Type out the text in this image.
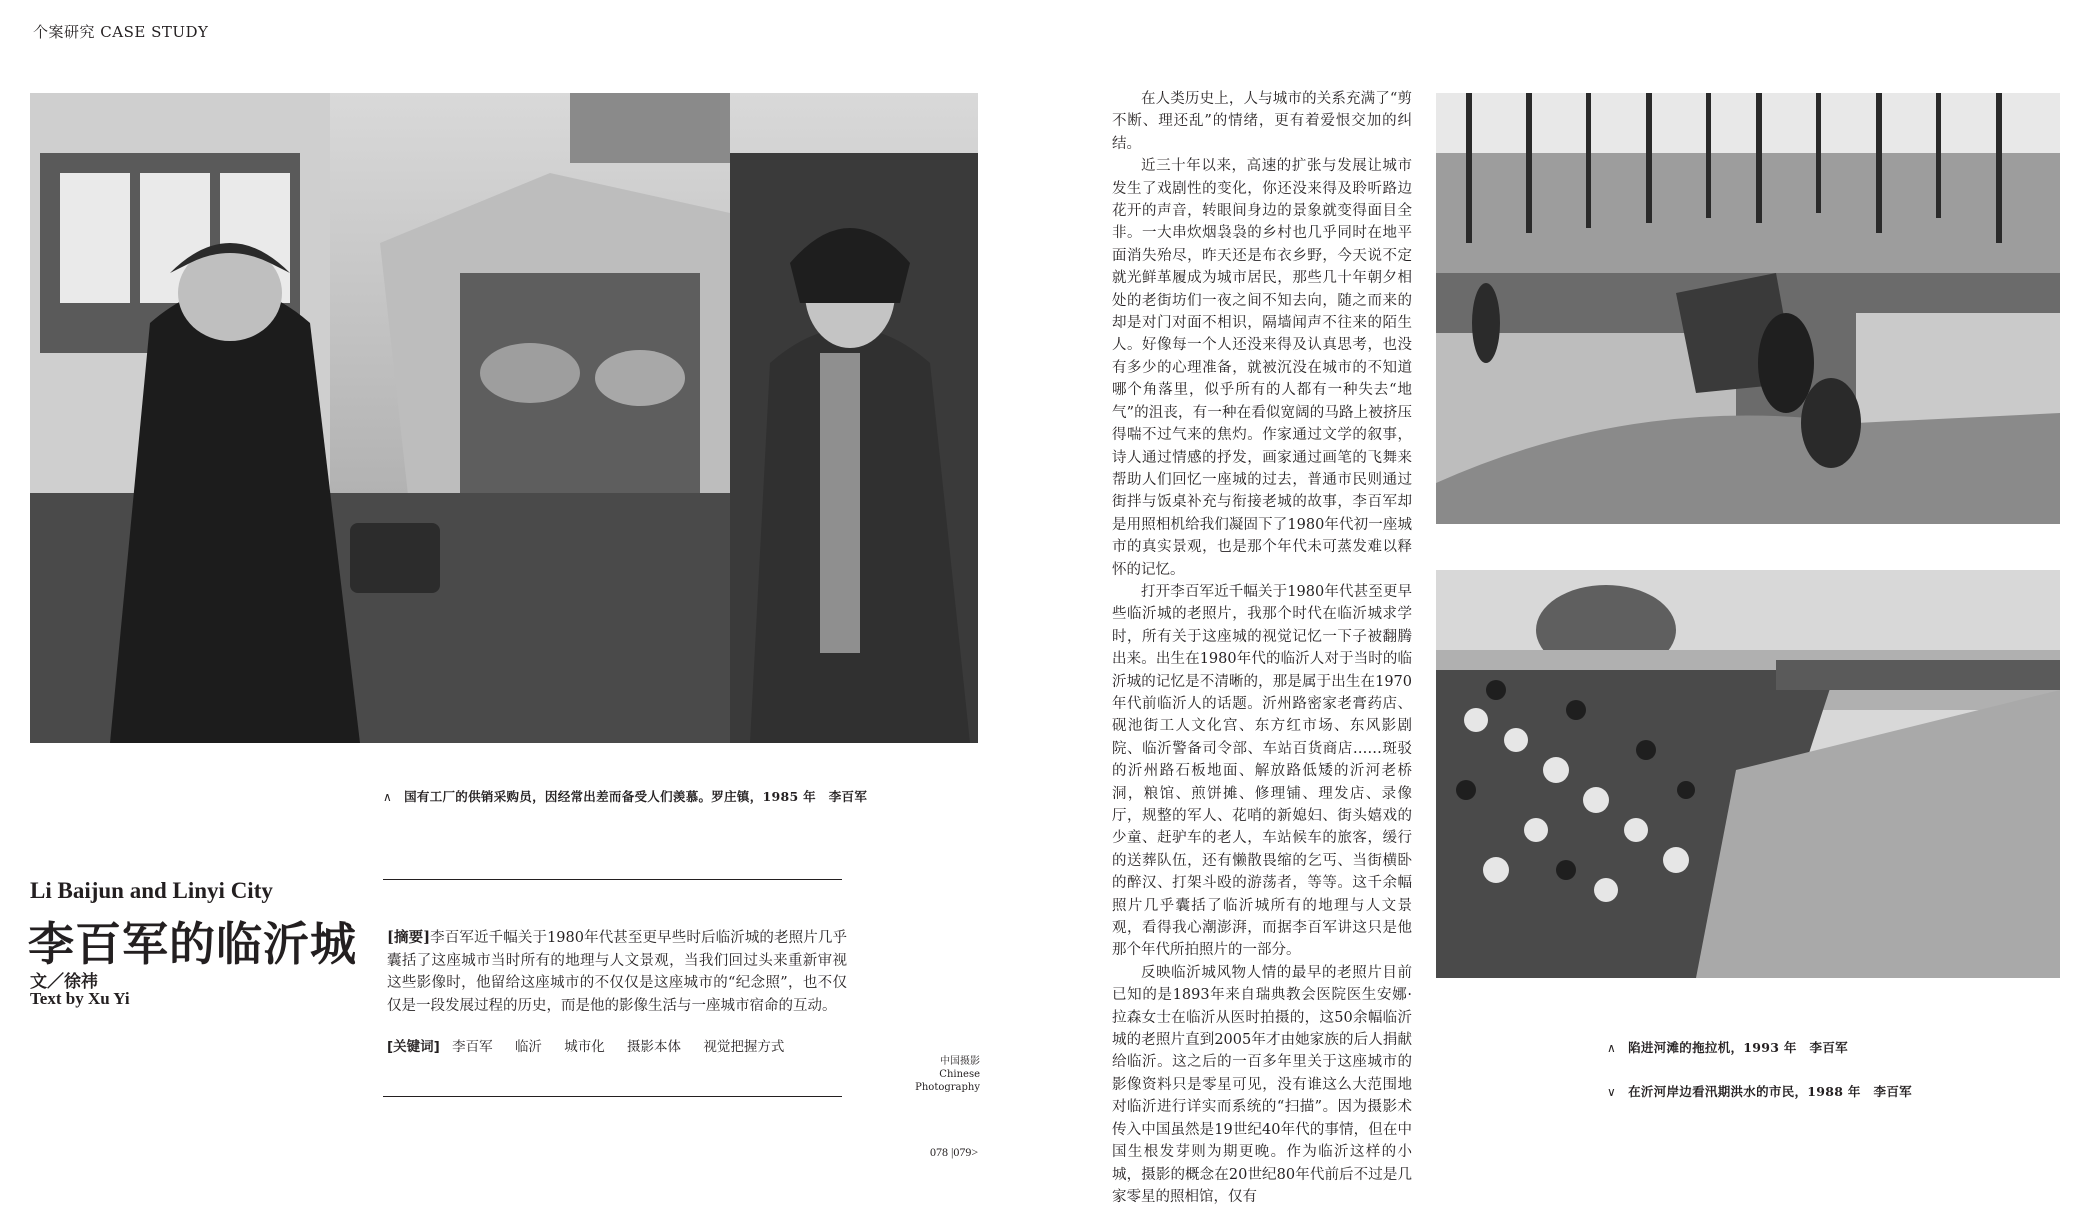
个案研究 CASE STUDY
∧ 国有工厂的供销采购员，因经常出差而备受人们羡慕。罗庄镇，1985 年　李百军
Li Baijun and Linyi City
李百军的临沂城
文／徐祎
Text by Xu Yi
[摘要]李百军近千幅关于1980年代甚至更早些时后临沂城的老照片几乎囊括了这座城市当时所有的地理与人文景观，当我们回过头来重新审视这些影像时，他留给这座城市的不仅仅是这座城市的“纪念照”，也不仅仅是一段发展过程的历史，而是他的影像生活与一座城市宿命的互动。
[关键词] 李百军 临沂 城市化 摄影本体 视觉把握方式
中国摄影
Chinese
Photography
078 |079>

在人类历史上，人与城市的关系充满了“剪不断、理还乱”的情绪，更有着爱恨交加的纠结。

近三十年以来，高速的扩张与发展让城市发生了戏剧性的变化，你还没来得及聆听路边花开的声音，转眼间身边的景象就变得面目全非。一大串炊烟袅袅的乡村也几乎同时在地平面消失殆尽，昨天还是布衣乡野，今天说不定就光鲜革履成为城市居民，那些几十年朝夕相处的老街坊们一夜之间不知去向，随之而来的却是对门对面不相识，隔墙闻声不往来的陌生人。好像每一个人还没来得及认真思考，也没有多少的心理准备，就被沉没在城市的不知道哪个角落里，似乎所有的人都有一种失去“地气”的沮丧，有一种在看似宽阔的马路上被挤压得喘不过气来的焦灼。作家通过文学的叙事，诗人通过情感的抒发，画家通过画笔的飞舞来帮助人们回忆一座城的过去，普通市民则通过街拌与饭桌补充与衔接老城的故事，李百军却是用照相机给我们凝固下了1980年代初一座城市的真实景观，也是那个年代未可蒸发难以释怀的记忆。

打开李百军近千幅关于1980年代甚至更早些临沂城的老照片，我那个时代在临沂城求学时，所有关于这座城的视觉记忆一下子被翻腾出来。出生在1980年代的临沂人对于当时的临沂城的记忆是不清晰的，那是属于出生在1970年代前临沂人的话题。沂州路密家老膏药店、砚池街工人文化宫、东方红市场、东风影剧院、临沂警备司令部、车站百货商店……斑驳的沂州路石板地面、解放路低矮的沂河老桥洞，粮馆、煎饼摊、修理铺、理发店、录像厅，规整的军人、花哨的新媳妇、街头嬉戏的少童、赶驴车的老人，车站候车的旅客，缓行的送葬队伍，还有懒散畏缩的乞丐、当街横卧的醉汉、打架斗殴的游荡者，等等。这千余幅照片几乎囊括了临沂城所有的地理与人文景观，看得我心潮澎湃，而据李百军讲这只是他那个年代所拍照片的一部分。

反映临沂城风物人情的最早的老照片目前已知的是1893年来自瑞典教会医院医生安娜·拉森女士在临沂从医时拍摄的，这50余幅临沂城的老照片直到2005年才由她家族的后人捐献给临沂。这之后的一百多年里关于这座城市的影像资料只是零星可见，没有谁这么大范围地对临沂进行详实而系统的“扫描”。因为摄影术传入中国虽然是19世纪40年代的事情，但在中国生根发芽则为期更晚。作为临沂这样的小城，摄影的概念在20世纪80年代前后不过是几家零星的照相馆，仅有

∧ 陷进河滩的拖拉机，1993 年　李百军
∨ 在沂河岸边看汛期洪水的市民，1988 年　李百军
